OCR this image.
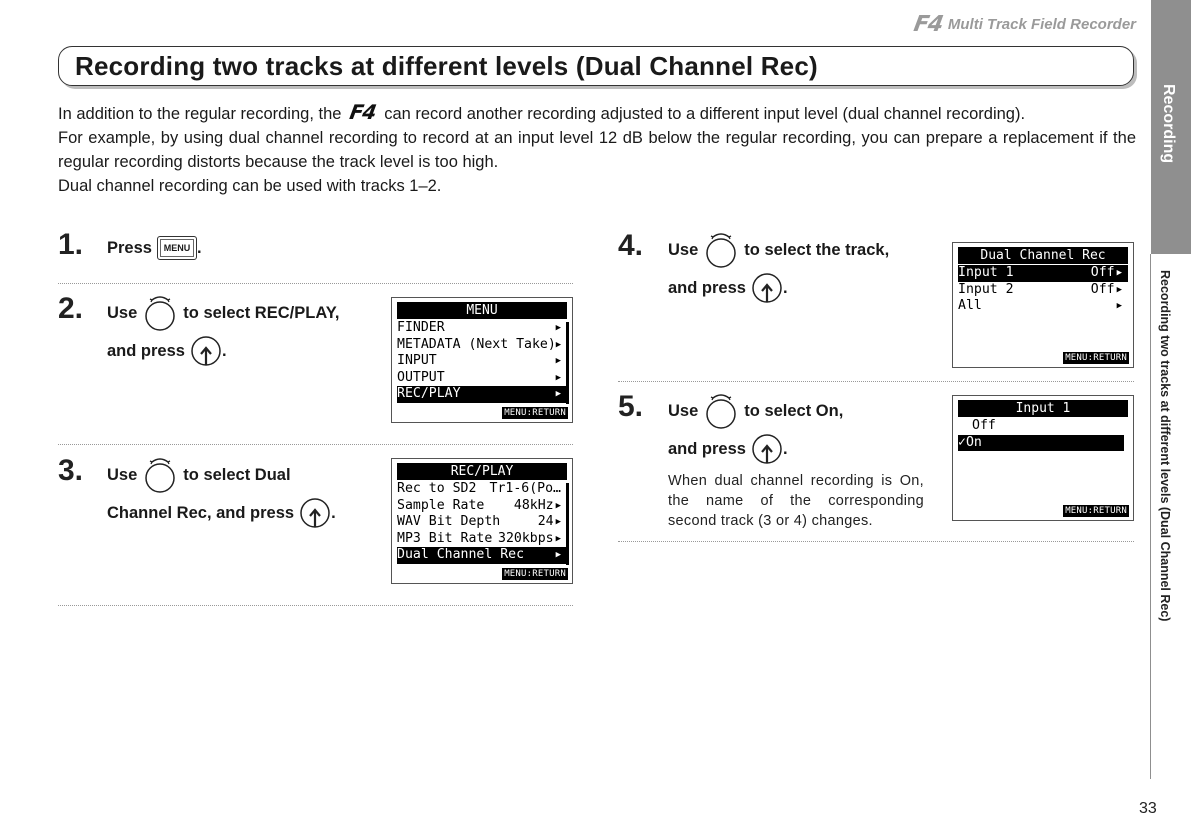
F4 Multi Track Field Recorder
Recording two tracks at different levels (Dual Channel Rec)

In addition to the regular recording, the F4 can record another recording adjusted to a different input level (dual channel recording).

For example, by using dual channel recording to record at an input level 12 dB below the regular recording, you can prepare a replacement if the regular recording distorts because the track level is too high.

Dual channel recording can be used with tracks 1–2.

1. Press	MENU .
2. Use	to select REC/PLAY,
and press .
MENU
FINDER	▶
METADATA (Next Take) ▶
INPUT	▶
OUTPUT	▶
REC/PLAY	▶
MENU:RETURN
3. Use	to select Dual
Channel Rec, and press .
REC/PLAY
Rec to SD2 Tr1-6(Po…
Sample Rate 48kHz ▶
WAV Bit Depth	24 ▶
MP3 Bit Rate 320kbps ▶
Dual Channel Rec	▶
MENU:RETURN
4. Use	to select the track,
and press .
Dual Channel Rec
Input 1	Off ▶
Input 2	Off ▶
All	▶
MENU:RETURN
5. Use	to select On,
and press .
When dual channel recording is On, the name of the corresponding second track (3 or 4) changes.
Input 1
Off
✓On
MENU:RETURN
Recording
Recording two tracks at different levels (Dual Channel Rec)
33
